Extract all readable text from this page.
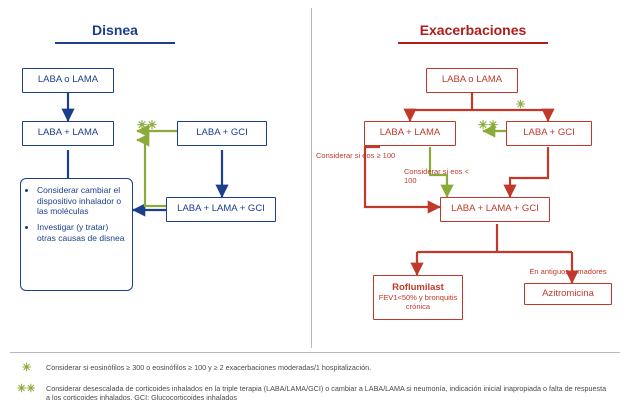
Disnea	Exacerbaciones
LABA o LAMA
LABA + LAMA	LABA + GCI
LABA + LAMA + GCI
• Considerar cambiar el dispositivo inhalador o las moléculas
• Investigar (y tratar) otras causas de disnea
✳✳
LABA o LAMA
LABA + LAMA	LABA + GCI
LABA + LAMA + GCI
Roflumilast
FEV1<50% y bronquitis crónica
Azitromicina
En antiguos fumadores
Considerar si eos ≥ 100
Considerar si eos < 100
✳
✳✳
✳ Considerar si eosinófilos ≥ 300 o eosinófilos ≥ 100 y ≥ 2 exacerbaciones moderadas/1 hospitalización.
✳✳ Considerar desescalada de corticoides inhalados en la triple terapia (LABA/LAMA/GCI) o cambiar a LABA/LAMA si neumonía, indicación inicial inapropiada o falta de respuesta a los corticoides inhalados. GCI: Glucocorticoides inhalados
